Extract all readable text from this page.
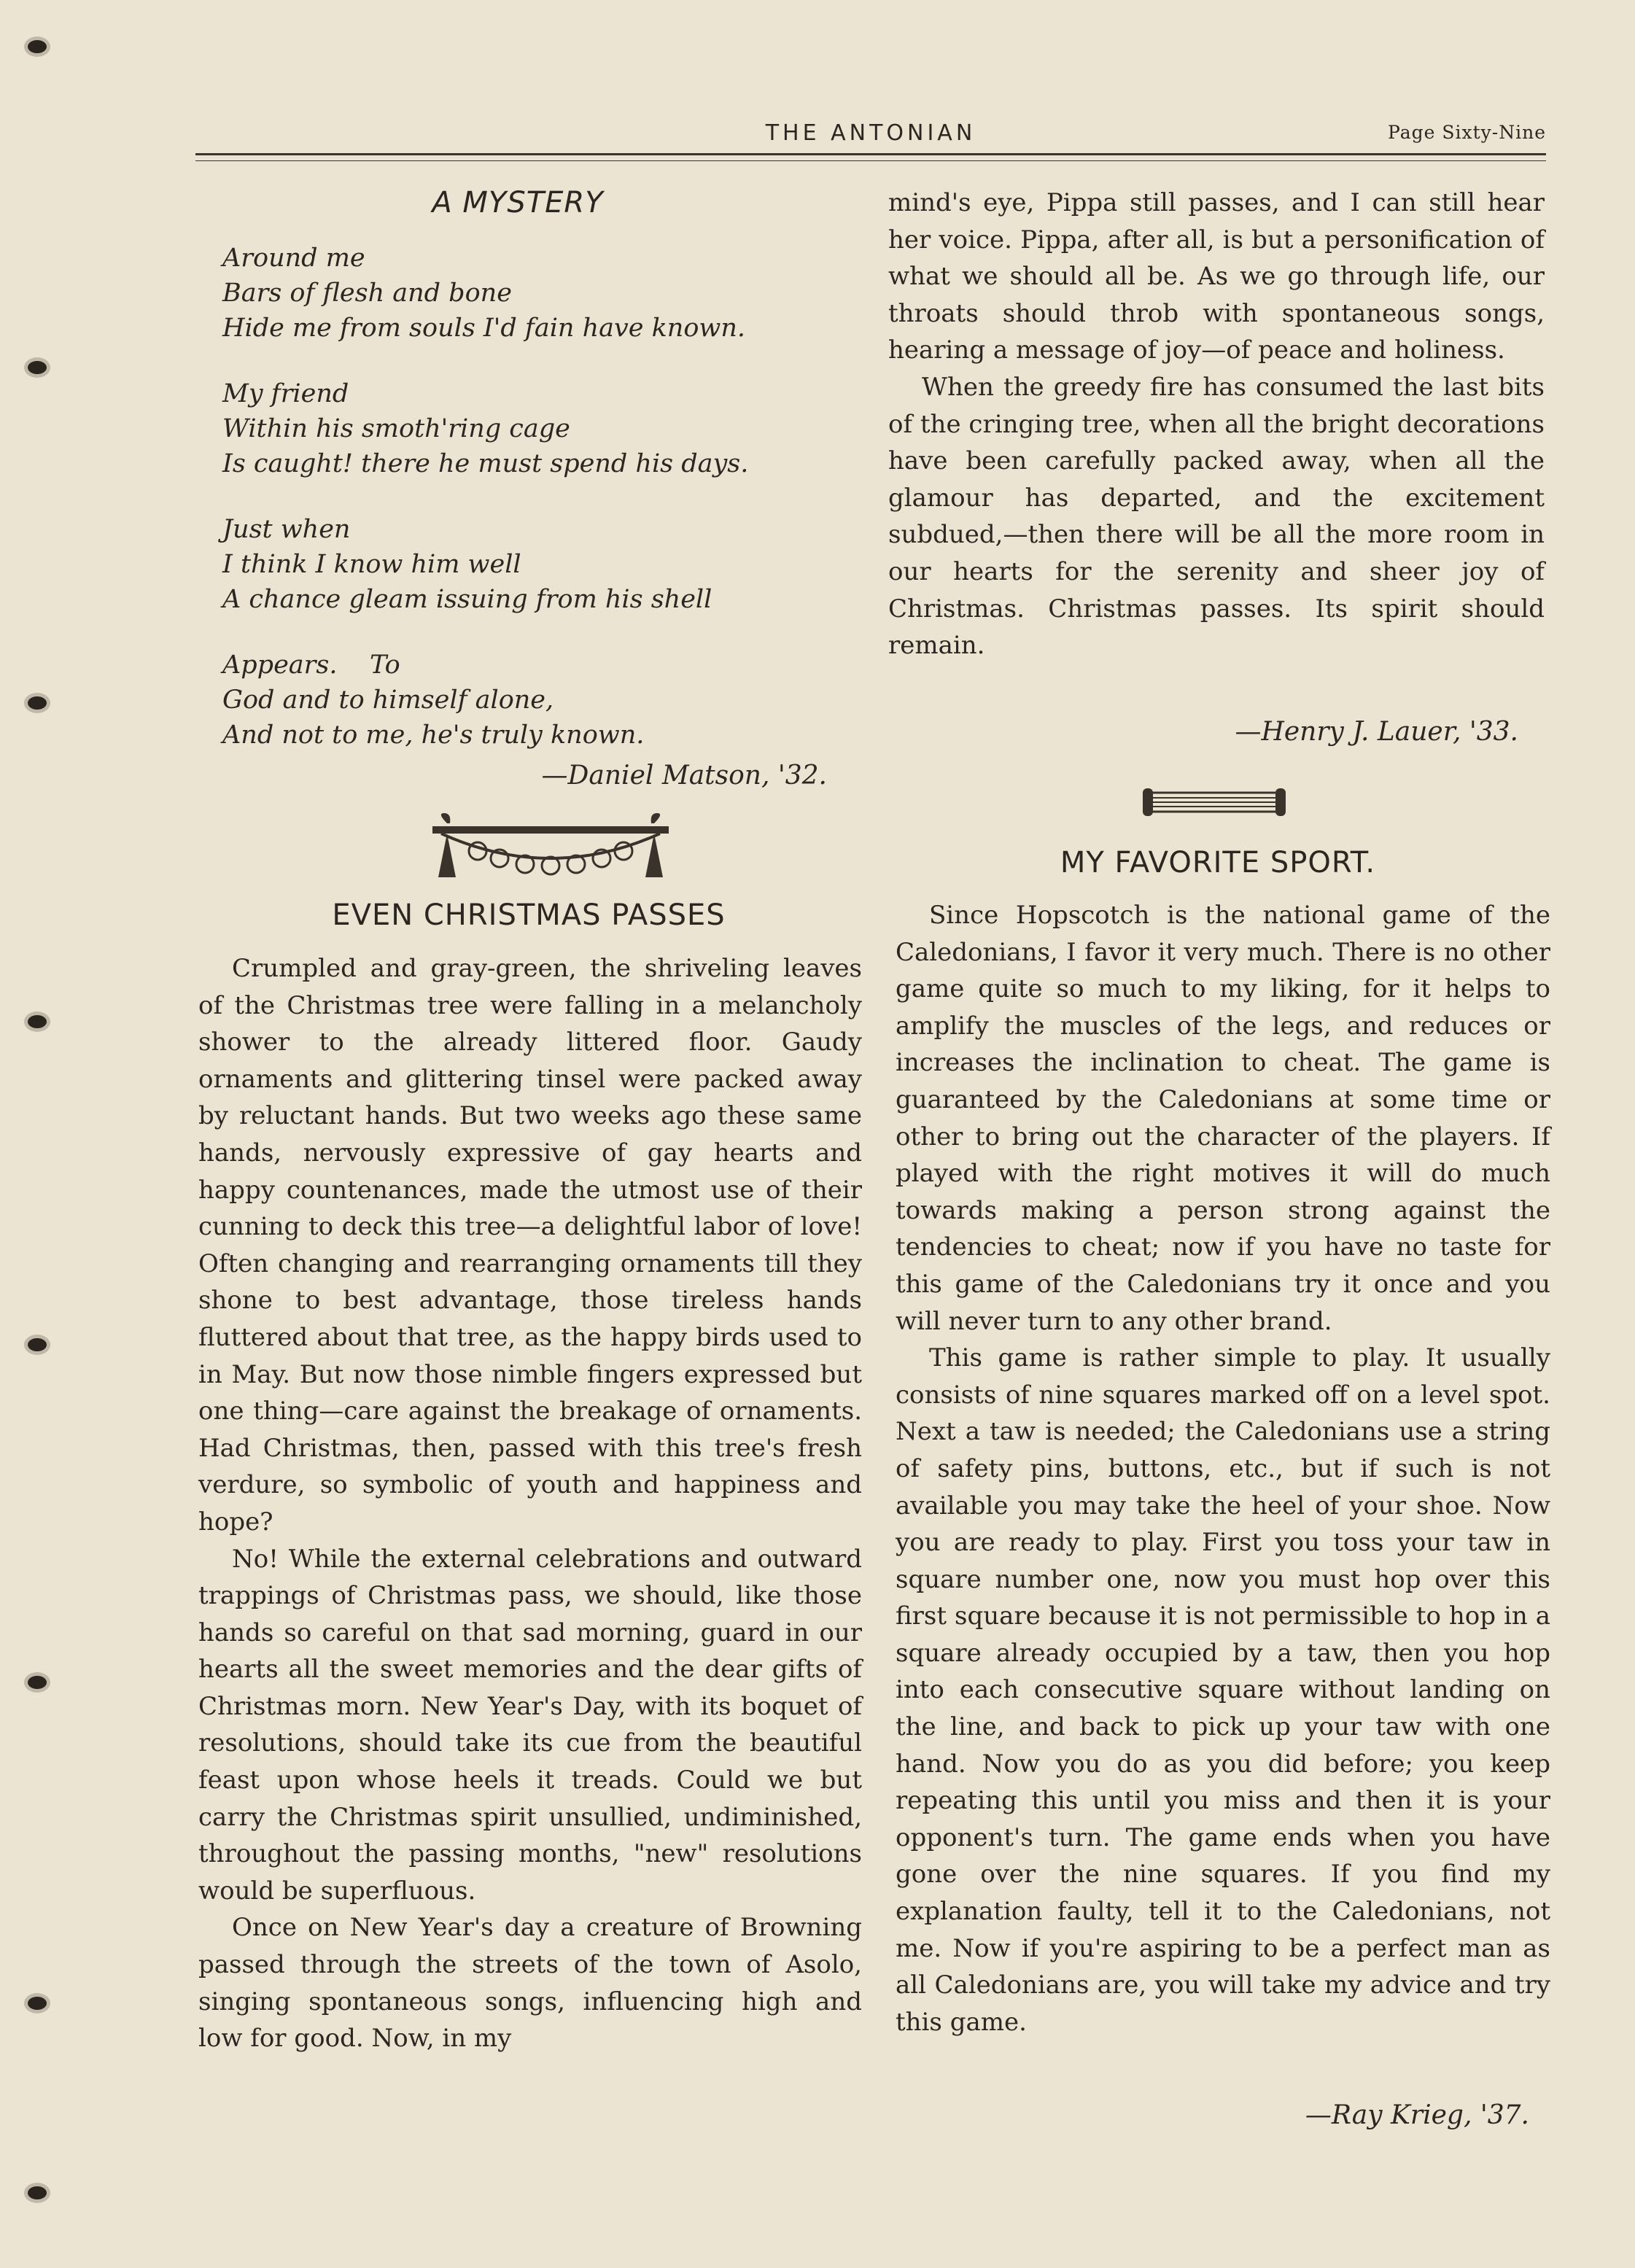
THE ANTONIAN	Page Sixty-Nine
A MYSTERY
Around me
Bars of flesh and bone
Hide me from souls I'd fain have known.
My friend
Within his smoth'ring cage
Is caught! there he must spend his days.
Just when
I think I know him well
A chance gleam issuing from his shell
Appears.    To
God and to himself alone,
And not to me, he's truly known.
—Daniel Matson, '32.
EVEN CHRISTMAS PASSES

Crumpled and gray-green, the shriveling leaves of the Christmas tree were falling in a melancholy shower to the already littered floor. Gaudy ornaments and glittering tinsel were packed away by reluctant hands. But two weeks ago these same hands, nervously expressive of gay hearts and happy countenances, made the utmost use of their cunning to deck this tree—a delightful labor of love! Often changing and rearranging ornaments till they shone to best advantage, those tireless hands fluttered about that tree, as the happy birds used to in May. But now those nimble fingers expressed but one thing—care against the breakage of ornaments. Had Christmas, then, passed with this tree's fresh verdure, so symbolic of youth and happiness and hope?

No! While the external celebrations and outward trappings of Christmas pass, we should, like those hands so careful on that sad morning, guard in our hearts all the sweet memories and the dear gifts of Christmas morn. New Year's Day, with its boquet of resolutions, should take its cue from the beautiful feast upon whose heels it treads. Could we but carry the Christmas spirit unsullied, undiminished, throughout the passing months, "new" resolutions would be superfluous.

Once on New Year's day a creature of Browning passed through the streets of the town of Asolo, singing spontaneous songs, influencing high and low for good. Now, in my

mind's eye, Pippa still passes, and I can still hear her voice. Pippa, after all, is but a personification of what we should all be. As we go through life, our throats should throb with spontaneous songs, hearing a message of joy—of peace and holiness.

When the greedy fire has consumed the last bits of the cringing tree, when all the bright decorations have been carefully packed away, when all the glamour has departed, and the excitement subdued,—then there will be all the more room in our hearts for the serenity and sheer joy of Christmas. Christmas passes. Its spirit should remain.

—Henry J. Lauer, '33.
MY FAVORITE SPORT.

Since Hopscotch is the national game of the Caledonians, I favor it very much. There is no other game quite so much to my liking, for it helps to amplify the muscles of the legs, and reduces or increases the inclination to cheat. The game is guaranteed by the Caledonians at some time or other to bring out the character of the players. If played with the right motives it will do much towards making a person strong against the tendencies to cheat; now if you have no taste for this game of the Caledonians try it once and you will never turn to any other brand.

This game is rather simple to play. It usually consists of nine squares marked off on a level spot. Next a taw is needed; the Caledonians use a string of safety pins, buttons, etc., but if such is not available you may take the heel of your shoe. Now you are ready to play. First you toss your taw in square number one, now you must hop over this first square because it is not permissible to hop in a square already occupied by a taw, then you hop into each consecutive square without landing on the line, and back to pick up your taw with one hand. Now you do as you did before; you keep repeating this until you miss and then it is your opponent's turn. The game ends when you have gone over the nine squares. If you find my explanation faulty, tell it to the Caledonians, not me. Now if you're aspiring to be a perfect man as all Caledonians are, you will take my advice and try this game.

—Ray Krieg, '37.
